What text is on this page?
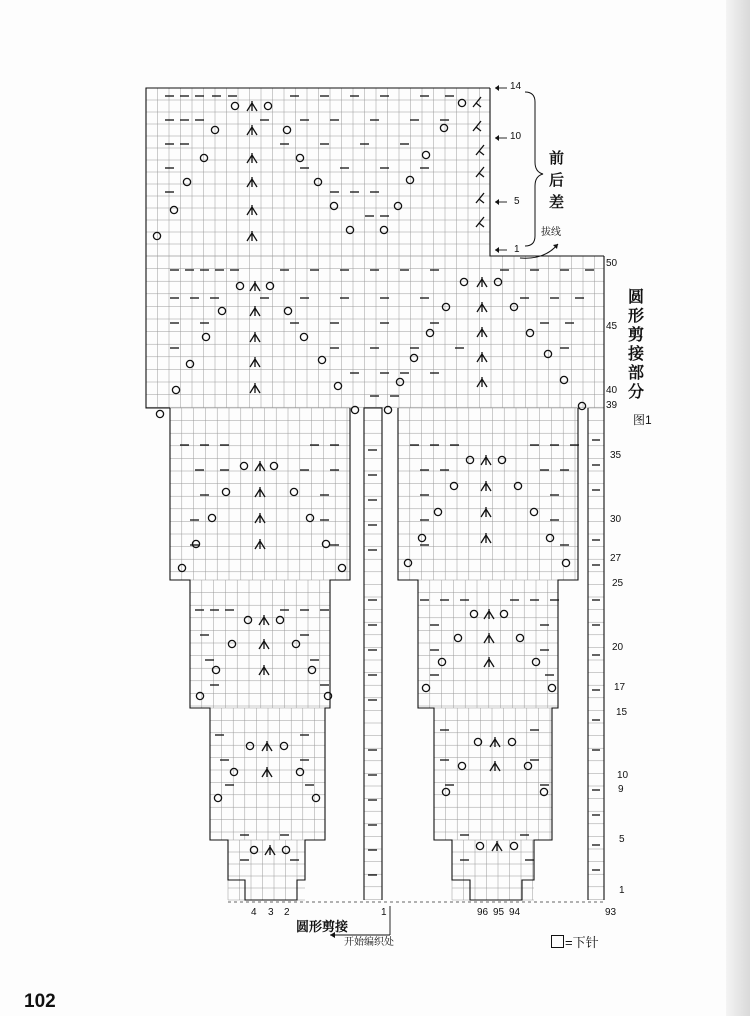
圆形剪接 部分
图1
前后差
拔线
圆形剪接
开始编织处	=下针
102
14
10
5
1
50
45
40
39
35
30
27
25
20
17
15
10
9
5
1
4 3 2	1	96 95 94	93
